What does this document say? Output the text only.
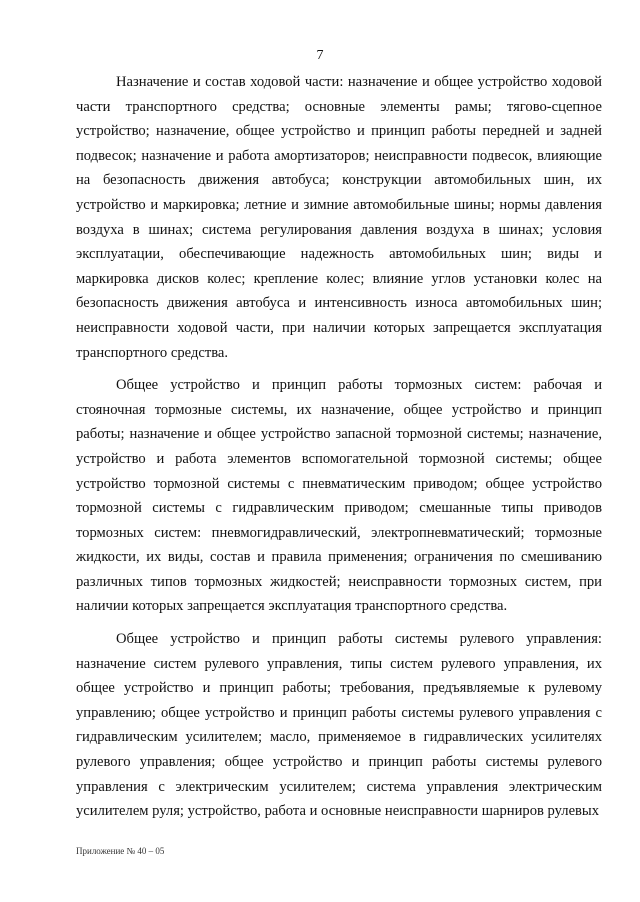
7

Назначение и состав ходовой части: назначение и общее устройство ходовой части транспортного средства; основные элементы рамы; тягово-сцепное устройство; назначение, общее устройство и принцип работы передней и задней подвесок; назначение и работа амортизаторов; неисправности подвесок, влияющие на безопасность движения автобуса; конструкции автомобильных шин, их устройство и маркировка; летние и зимние автомобильные шины; нормы давления воздуха в шинах; система регулирования давления воздуха в шинах; условия эксплуатации, обеспечивающие надежность автомобильных шин; виды и маркировка дисков колес; крепление колес; влияние углов установки колес на безопасность движения автобуса и интенсивность износа автомобильных шин; неисправности ходовой части, при наличии которых запрещается эксплуатация транспортного средства.

Общее устройство и принцип работы тормозных систем: рабочая и стояночная тормозные системы, их назначение, общее устройство и принцип работы; назначение и общее устройство запасной тормозной системы; назначение, устройство и работа элементов вспомогательной тормозной системы; общее устройство тормозной системы с пневматическим приводом; общее устройство тормозной системы с гидравлическим приводом; смешанные типы приводов тормозных систем: пневмогидравлический, электропневматический; тормозные жидкости, их виды, состав и правила применения; ограничения по смешиванию различных типов тормозных жидкостей; неисправности тормозных систем, при наличии которых запрещается эксплуатация транспортного средства.

Общее устройство и принцип работы системы рулевого управления: назначение систем рулевого управления, типы систем рулевого управления, их общее устройство и принцип работы; требования, предъявляемые к рулевому управлению; общее устройство и принцип работы системы рулевого управления с гидравлическим усилителем; масло, применяемое в гидравлических усилителях рулевого управления; общее устройство и принцип работы системы рулевого управления с электрическим усилителем; система управления электрическим усилителем руля; устройство, работа и основные неисправности шарниров рулевых

Приложение № 40 – 05
